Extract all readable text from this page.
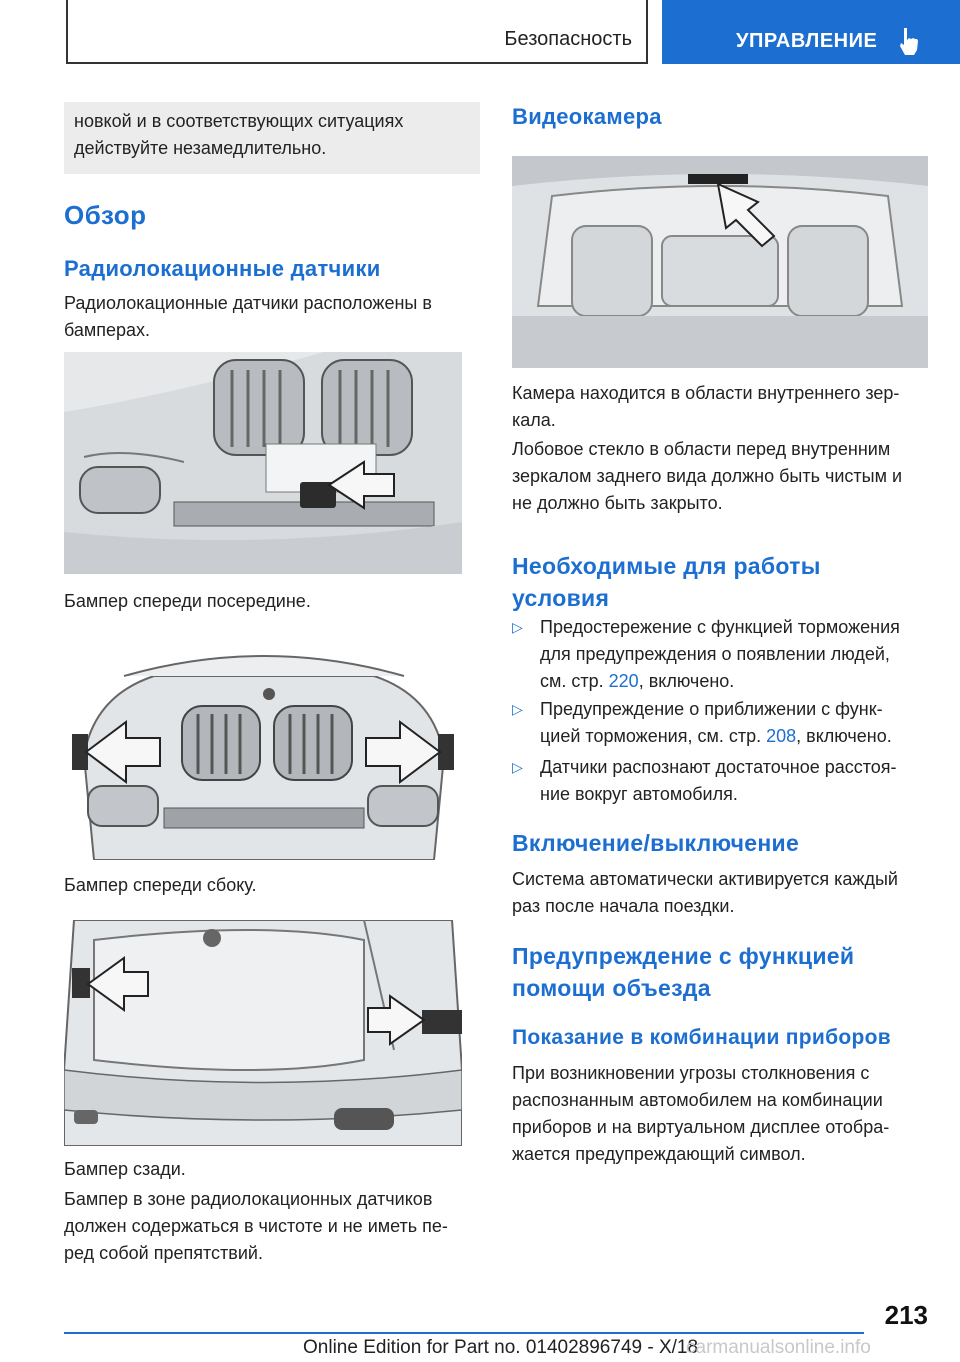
Безопасность	УПРАВЛЕНИЕ
новкой и в соответствующих ситуациях
действуйте незамедлительно.
Обзор
Радиолокационные датчики
Радиолокационные датчики расположены в
бамперах.
Бампер спереди посередине.
Бампер спереди сбоку.
Бампер сзади.
Бампер в зоне радиолокационных датчиков
должен содержаться в чистоте и не иметь пе-
ред собой препятствий.
Видеокамера
Камера находится в области внутреннего зер-
кала.
Лобовое стекло в области перед внутренним
зеркалом заднего вида должно быть чистым и
не должно быть закрыто.
Необходимые для работы
условия
▷ Предостережение с функцией торможения
для предупреждения о появлении людей,
см. стр. 220, включено.
▷ Предупреждение о приближении с функ-
цией торможения, см. стр. 208, включено.
▷ Датчики распознают достаточное расстоя-
ние вокруг автомобиля.
Включение/выключение
Система автоматически активируется каждый
раз после начала поездки.
Предупреждение с функцией
помощи объезда
Показание в комбинации приборов
При возникновении угрозы столкновения с
распознанным автомобилем на комбинации
приборов и на виртуальном дисплее отобра-
жается предупреждающий символ.
213
Online Edition for Part no. 01402896749 - X/18
carmanualsonline.info
